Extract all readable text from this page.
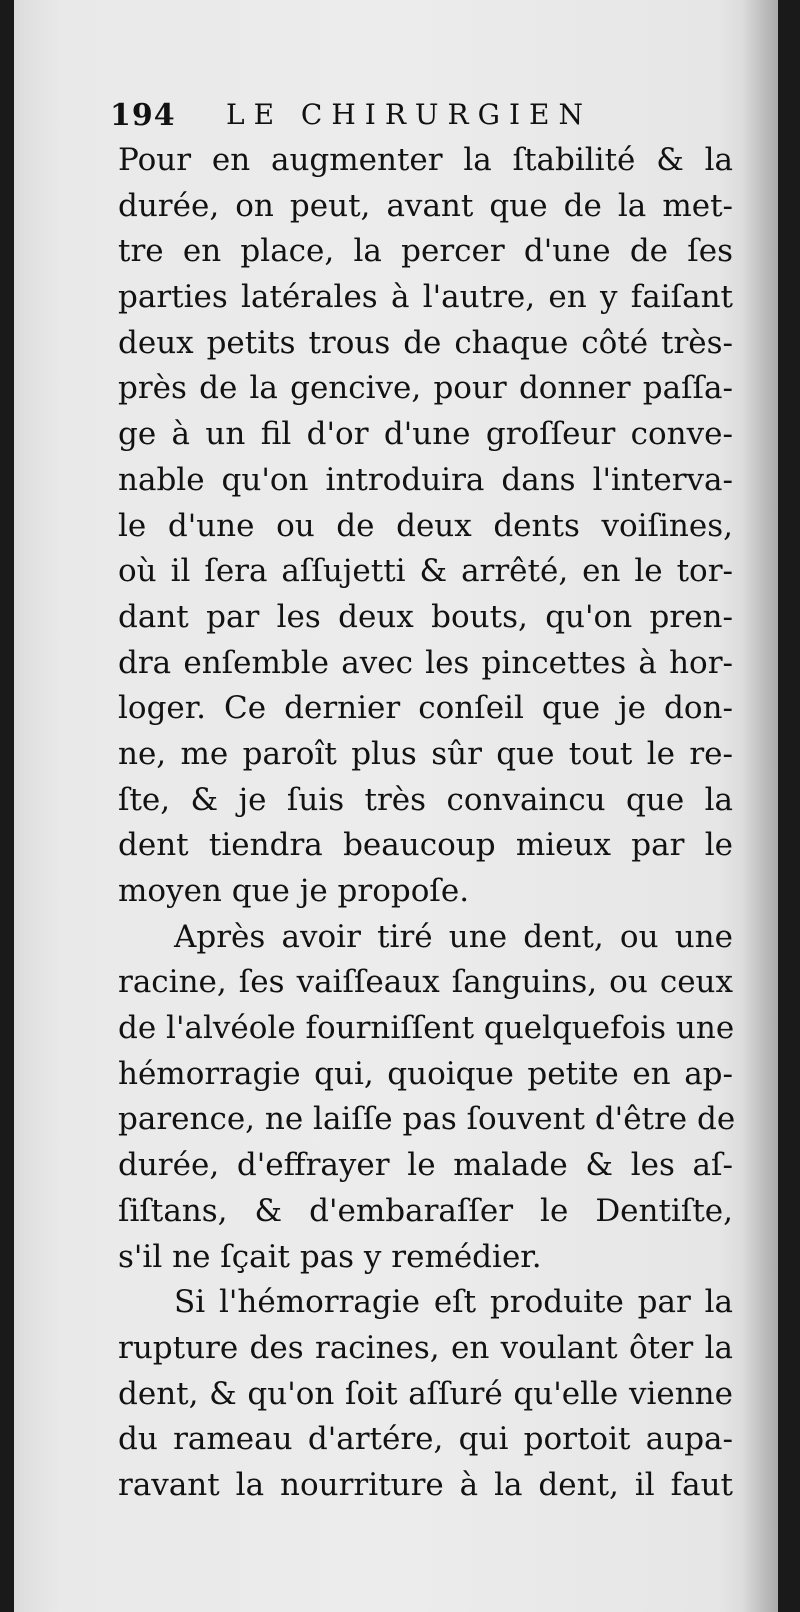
194 LE CHIRURGIEN
Pour en augmenter la ſtabilité & la
durée, on peut, avant que de la met-
tre en place, la percer d'une de ſes
parties latérales à l'autre, en y faiſant
deux petits trous de chaque côté très-
près de la gencive, pour donner paſſa-
ge à un fil d'or d'une groſſeur conve-
nable qu'on introduira dans l'interva-
le d'une ou de deux dents voiſines,
où il ſera aſſujetti & arrêté, en le tor-
dant par les deux bouts, qu'on pren-
dra enſemble avec les pincettes à hor-
loger. Ce dernier conſeil que je don-
ne, me paroît plus sûr que tout le re-
ſte, & je ſuis très convaincu que la
dent tiendra beaucoup mieux par le
moyen que je propoſe.
Après avoir tiré une dent, ou une
racine, ſes vaiſſeaux ſanguins, ou ceux
de l'alvéole fourniſſent quelquefois une
hémorragie qui, quoique petite en ap-
parence, ne laiſſe pas ſouvent d'être de
durée, d'effrayer le malade & les aſ-
ſiſtans, & d'embaraſſer le Dentiſte,
s'il ne ſçait pas y remédier.
Si l'hémorragie eſt produite par la
rupture des racines, en voulant ôter la
dent, & qu'on ſoit aſſuré qu'elle vienne
du rameau d'artére, qui portoit aupa-
ravant la nourriture à la dent, il faut
